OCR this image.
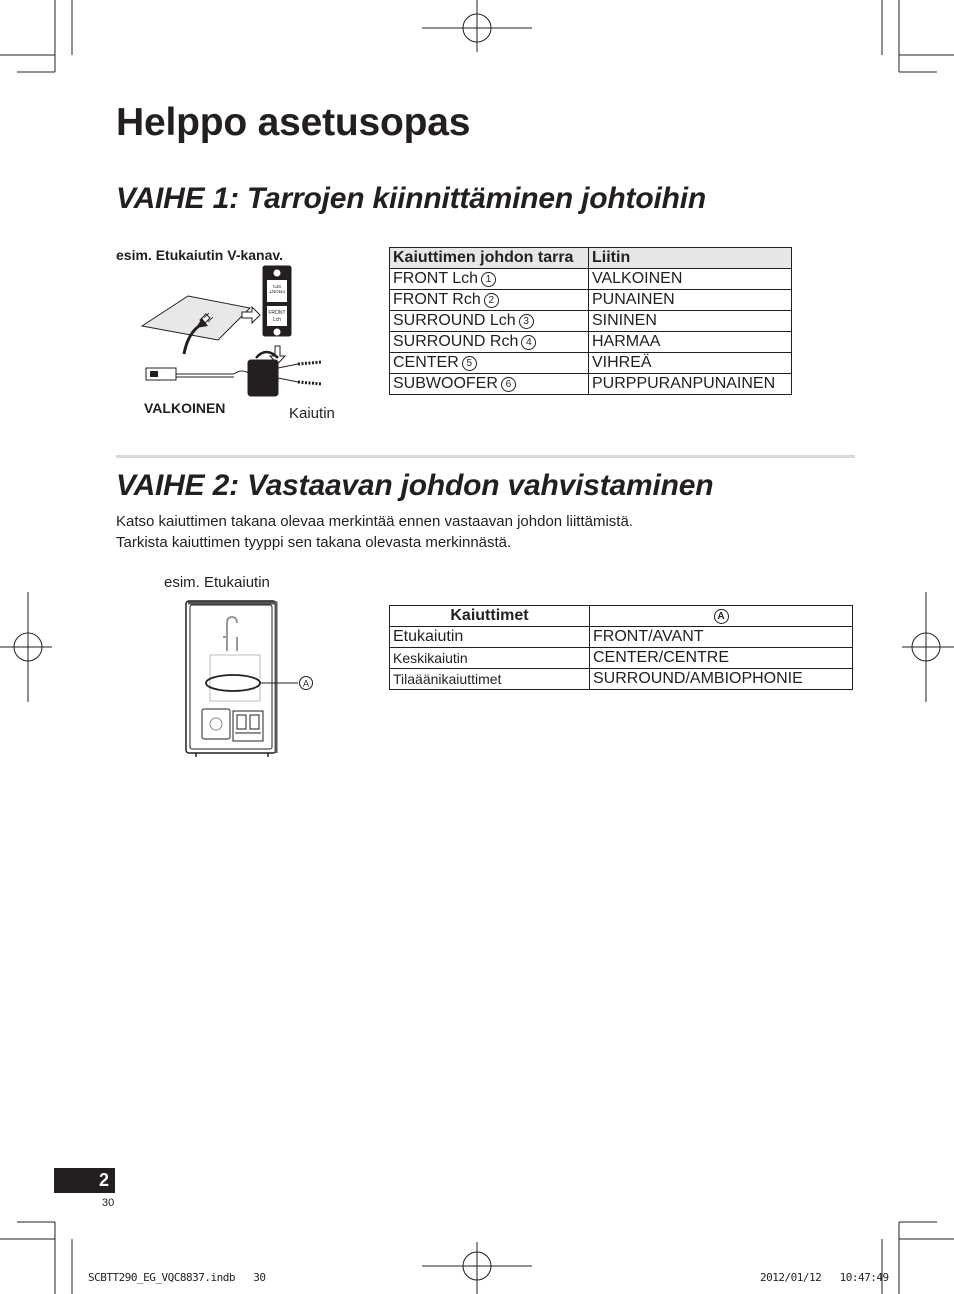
Helppo asetusopas
VAIHE 1: Tarrojen kiinnittäminen johtoihin
esim. Etukaiutin V-kanav.
FRONT
SP1
FRONT
Lch
VALKOINEN	Kaiutin
Kaiuttimen johdon tarra	Liitin
FRONT Lch 1	VALKOINEN
FRONT Rch 2	PUNAINEN
SURROUND Lch 3	SININEN
SURROUND Rch 4	HARMAA
CENTER 5	VIHREÄ
SUBWOOFER 6	PURPPURANPUNAINEN
VAIHE 2: Vastaavan johdon vahvistaminen
Katso kaiuttimen takana olevaa merkintää ennen vastaavan johdon liittämistä.
Tarkista kaiuttimen tyyppi sen takana olevasta merkinnästä.
esim. Etukaiutin
A
Kaiuttimet	A
Etukaiutin	FRONT/AVANT
Keskikaiutin	CENTER/CENTRE
Tilaäänikaiuttimet	SURROUND/AMBIOPHONIE
2
30
SCBTT290_EG_VQC8837.indb   30	2012/01/12   10:47:49
